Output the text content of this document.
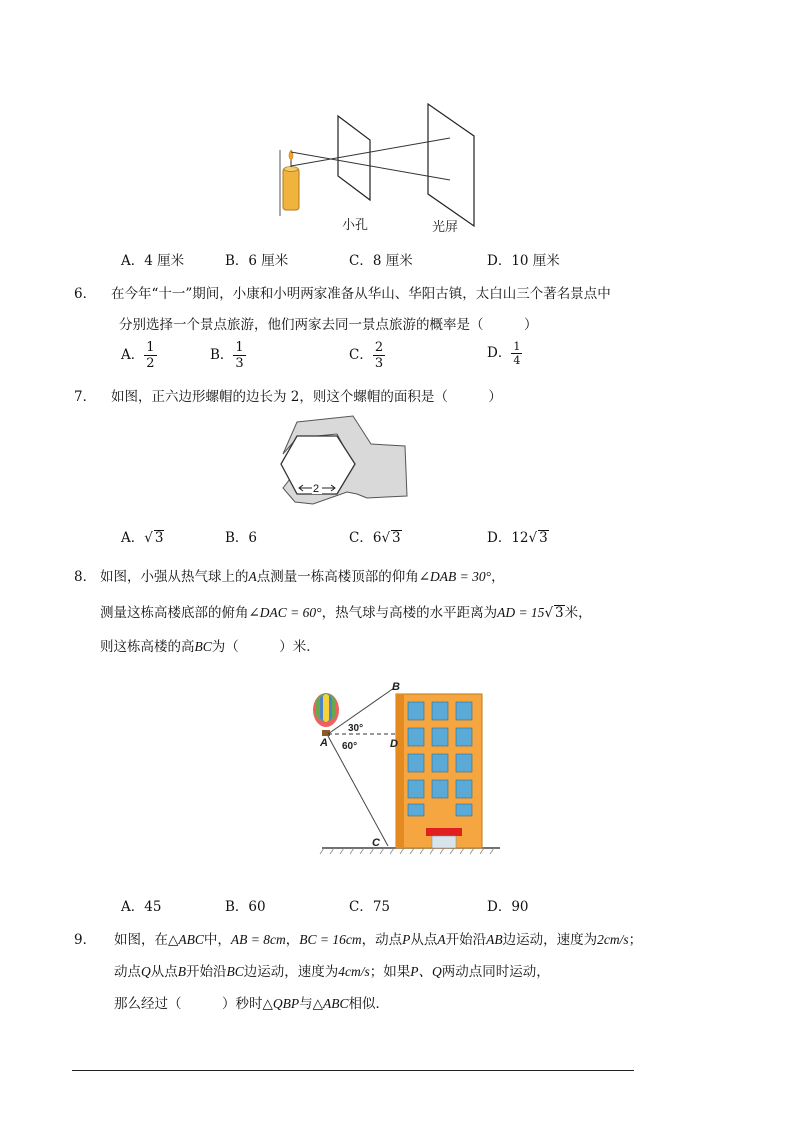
小孔	光屏
A．4 厘米	B．6 厘米	C．8 厘米	D．10 厘米
6． 在今年“十一”期间，小康和小明两家准备从华山、华阳古镇，太白山三个著名景点中
分别选择一个景点旅游，他们两家去同一景点旅游的概率是（　　　）
A． $\frac{1}{2}$	B． $\frac{1}{3}$	C． $\frac{2}{3}$	D． $\frac{1}{4}$
7． 如图，正六边形螺帽的边长为 2，则这个螺帽的面积是（　　　）
2
A．√ 3	B．6	C．6√ 3	D．12√ 3
8． 如图，小强从热气球上的A点测量一栋高楼顶部的仰角∠DAB = 30°，
测量这栋高楼底部的俯角∠DAC = 60°，热气球与高楼的水平距离为AD = 15√ 3米，
则这栋高楼的高BC为（　　　）米．
B
A	D
C
30°
60°
A．45	B．60	C．75	D．90
9． 如图，在△ABC中，AB = 8cm，BC = 16cm，动点P从点A开始沿AB边运动，速度为2cm/s；
动点Q从点B开始沿BC边运动，速度为4cm/s；如果P、Q两动点同时运动，
那么经过（　　　）秒时△QBP与△ABC相似．
